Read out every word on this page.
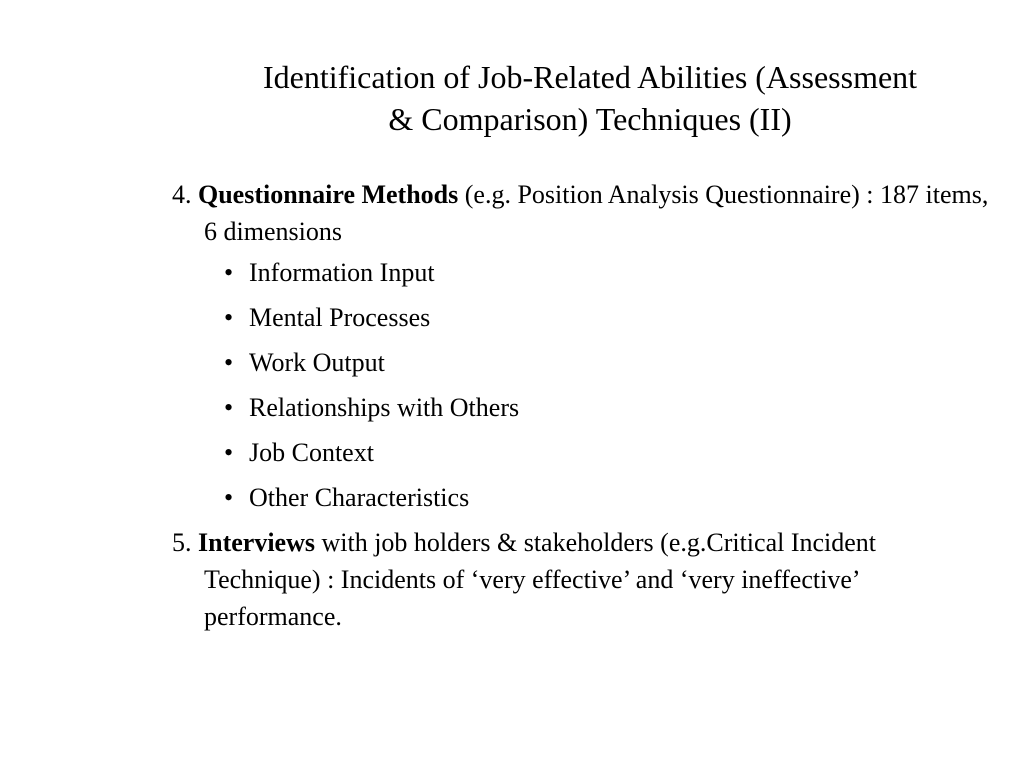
Identification of Job-Related Abilities (Assessment
& Comparison) Techniques (II)

4. Questionnaire Methods (e.g. Position Analysis Questionnaire) : 187 items, 6 dimensions

• Information Input
• Mental Processes
• Work Output
• Relationships with Others
• Job Context
• Other Characteristics

5. Interviews with job holders & stakeholders (e.g.Critical Incident Technique) : Incidents of ‘very effective’ and ‘very ineffective’ performance.
